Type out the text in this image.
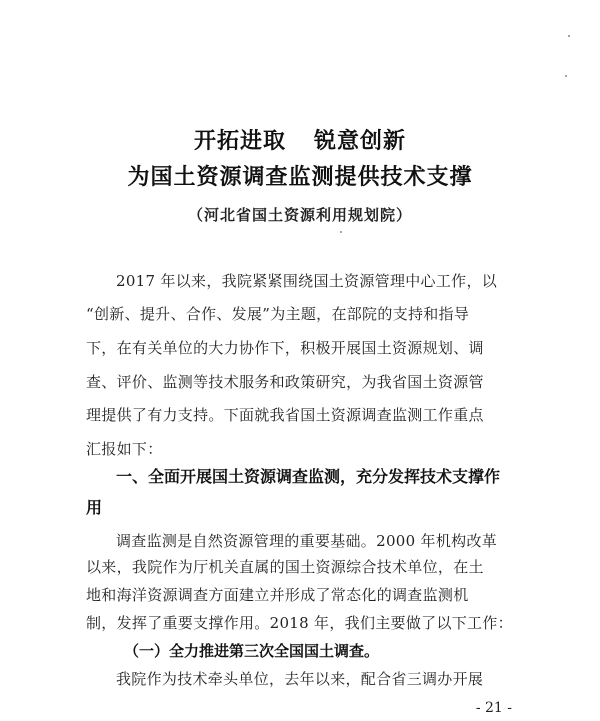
开拓进取 锐意创新
为国土资源调查监测提供技术支撑
（河北省国土资源利用规划院）
2017 年以来，我院紧紧围绕国土资源管理中心工作，以
“创新、提升、合作、发展”为主题，在部院的支持和指导
下，在有关单位的大力协作下，积极开展国土资源规划、调
查、评价、监测等技术服务和政策研究，为我省国土资源管
理提供了有力支持。下面就我省国土资源调查监测工作重点
汇报如下：
一、全面开展国土资源调查监测，充分发挥技术支撑作
用
调查监测是自然资源管理的重要基础。2000 年机构改革
以来，我院作为厅机关直属的国土资源综合技术单位，在土
地和海洋资源调查方面建立并形成了常态化的调查监测机
制，发挥了重要支撑作用。2018 年，我们主要做了以下工作：
（一）全力推进第三次全国国土调查。
我院作为技术牵头单位，去年以来，配合省三调办开展
- 21 -
